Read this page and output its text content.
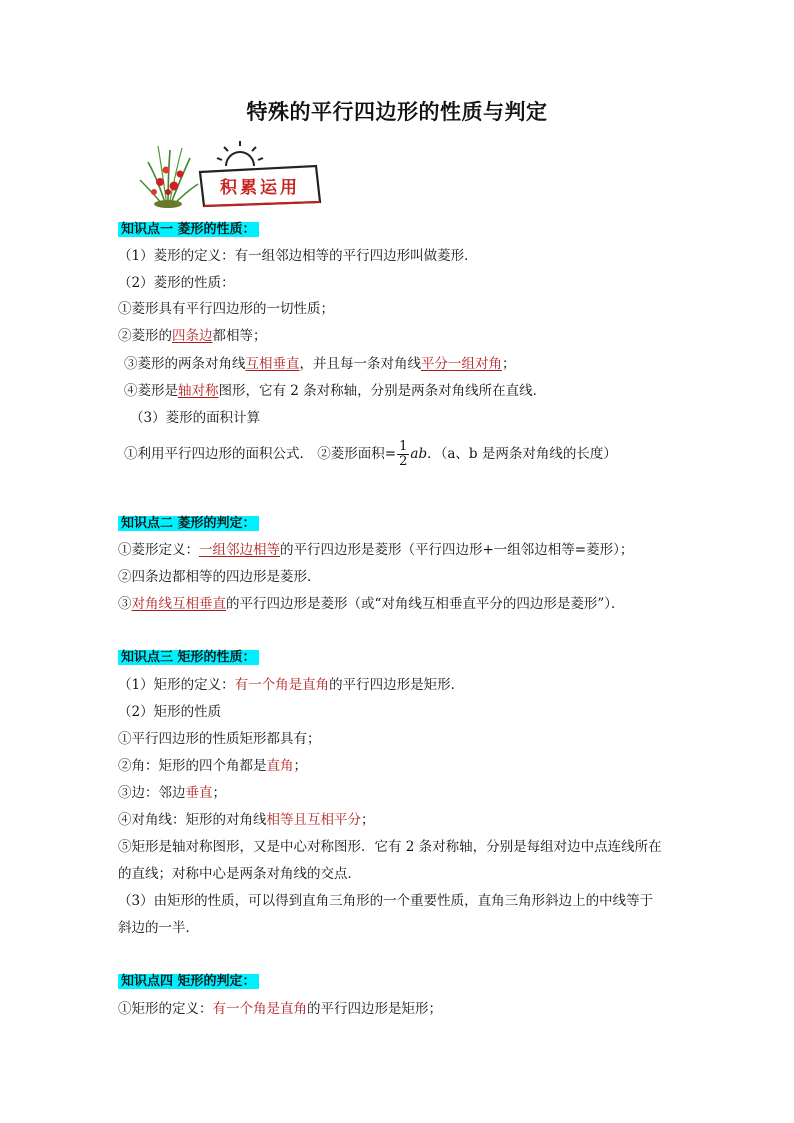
特殊的平行四边形的性质与判定
积累运用
知识点一 菱形的性质：
（1）菱形的定义：有一组邻边相等的平行四边形叫做菱形．
（2）菱形的性质：
①菱形具有平行四边形的一切性质；
②菱形的四条边都相等；
③菱形的两条对角线互相垂直，并且每一条对角线平分一组对角；
④菱形是轴对称图形，它有 2 条对称轴，分别是两条对角线所在直线．
（3）菱形的面积计算
①利用平行四边形的面积公式． ②菱形面积= $\frac{1}{2}$ ab．（a、b 是两条对角线的长度）
知识点二 菱形的判定：
①菱形定义：一组邻边相等的平行四边形是菱形（平行四边形+一组邻边相等=菱形）；
②四条边都相等的四边形是菱形．
③对角线互相垂直的平行四边形是菱形（或“对角线互相垂直平分的四边形是菱形”）．
知识点三 矩形的性质：
（1）矩形的定义：有一个角是直角的平行四边形是矩形．
（2）矩形的性质
①平行四边形的性质矩形都具有；
②角：矩形的四个角都是直角；
③边：邻边垂直；
④对角线：矩形的对角线相等且互相平分；
⑤矩形是轴对称图形，又是中心对称图形．它有 2 条对称轴，分别是每组对边中点连线所在
的直线；对称中心是两条对角线的交点．
（3）由矩形的性质，可以得到直角三角形的一个重要性质，直角三角形斜边上的中线等于
斜边的一半．
知识点四 矩形的判定：
①矩形的定义：有一个角是直角的平行四边形是矩形；
